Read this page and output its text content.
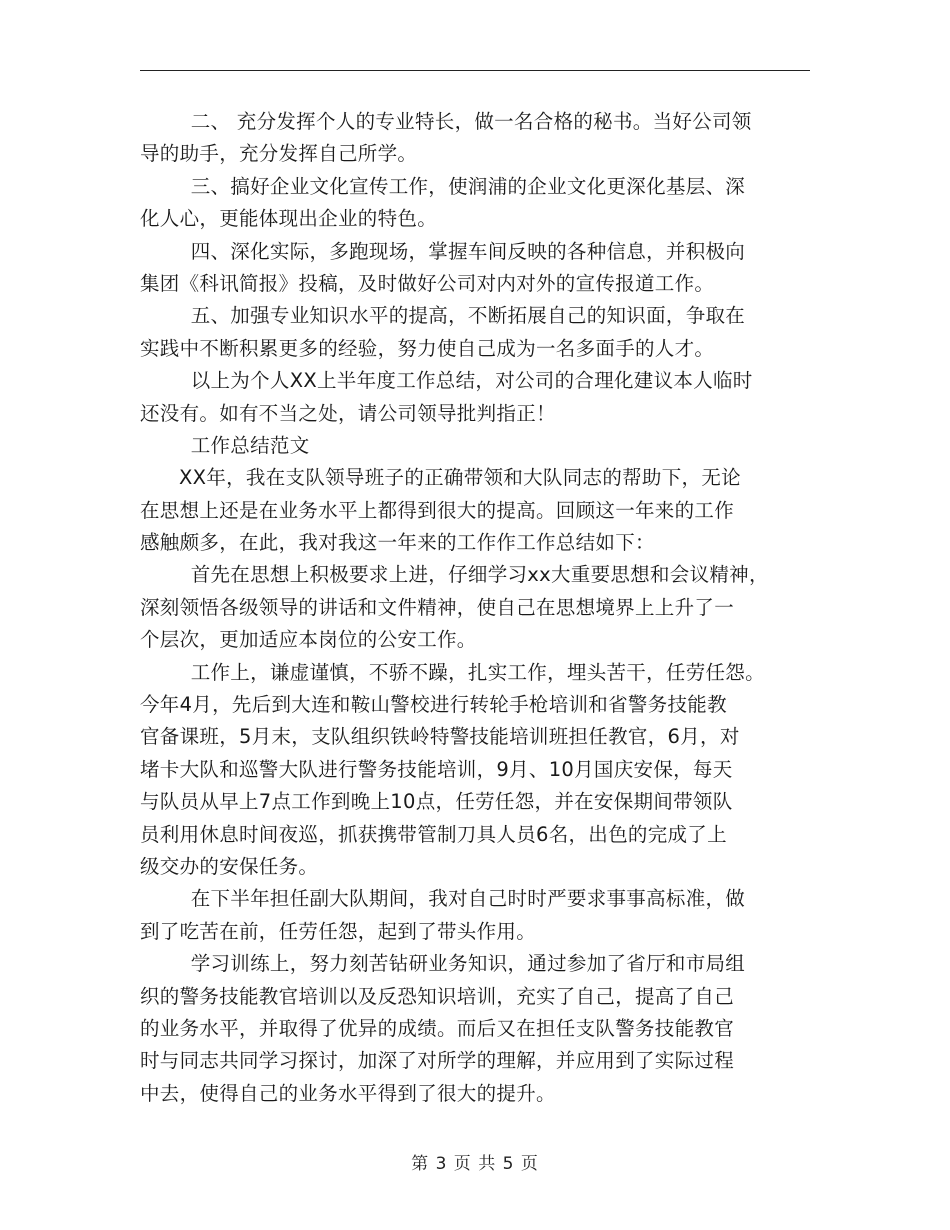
二、 充分发挥个人的专业特长，做一名合格的秘书。当好公司领
导的助手，充分发挥自己所学。
三、搞好企业文化宣传工作，使润浦的企业文化更深化基层、深
化人心，更能体现出企业的特色。
四、深化实际，多跑现场，掌握车间反映的各种信息，并积极向
集团《科讯简报》投稿，及时做好公司对内对外的宣传报道工作。
五、加强专业知识水平的提高，不断拓展自己的知识面，争取在
实践中不断积累更多的经验，努力使自己成为一名多面手的人才。
以上为个人XX上半年度工作总结，对公司的合理化建议本人临时
还没有。如有不当之处，请公司领导批判指正！
工作总结范文
XX年，我在支队领导班子的正确带领和大队同志的帮助下，无论
在思想上还是在业务水平上都得到很大的提高。回顾这一年来的工作
感触颇多，在此，我对我这一年来的工作作工作总结如下：
首先在思想上积极要求上进，仔细学习xx大重要思想和会议精神，
深刻领悟各级领导的讲话和文件精神，使自己在思想境界上上升了一
个层次，更加适应本岗位的公安工作。
工作上，谦虚谨慎，不骄不躁，扎实工作，埋头苦干，任劳任怨。
今年4月，先后到大连和鞍山警校进行转轮手枪培训和省警务技能教
官备课班，5月末，支队组织铁岭特警技能培训班担任教官，6月，对
堵卡大队和巡警大队进行警务技能培训，9月、10月国庆安保，每天
与队员从早上7点工作到晚上10点，任劳任怨，并在安保期间带领队
员利用休息时间夜巡，抓获携带管制刀具人员6名，出色的完成了上
级交办的安保任务。
在下半年担任副大队期间，我对自己时时严要求事事高标准，做
到了吃苦在前，任劳任怨，起到了带头作用。
学习训练上，努力刻苦钻研业务知识，通过参加了省厅和市局组
织的警务技能教官培训以及反恐知识培训，充实了自己，提高了自己
的业务水平，并取得了优异的成绩。而后又在担任支队警务技能教官
时与同志共同学习探讨，加深了对所学的理解，并应用到了实际过程
中去，使得自己的业务水平得到了很大的提升。
第 3 页 共 5 页
